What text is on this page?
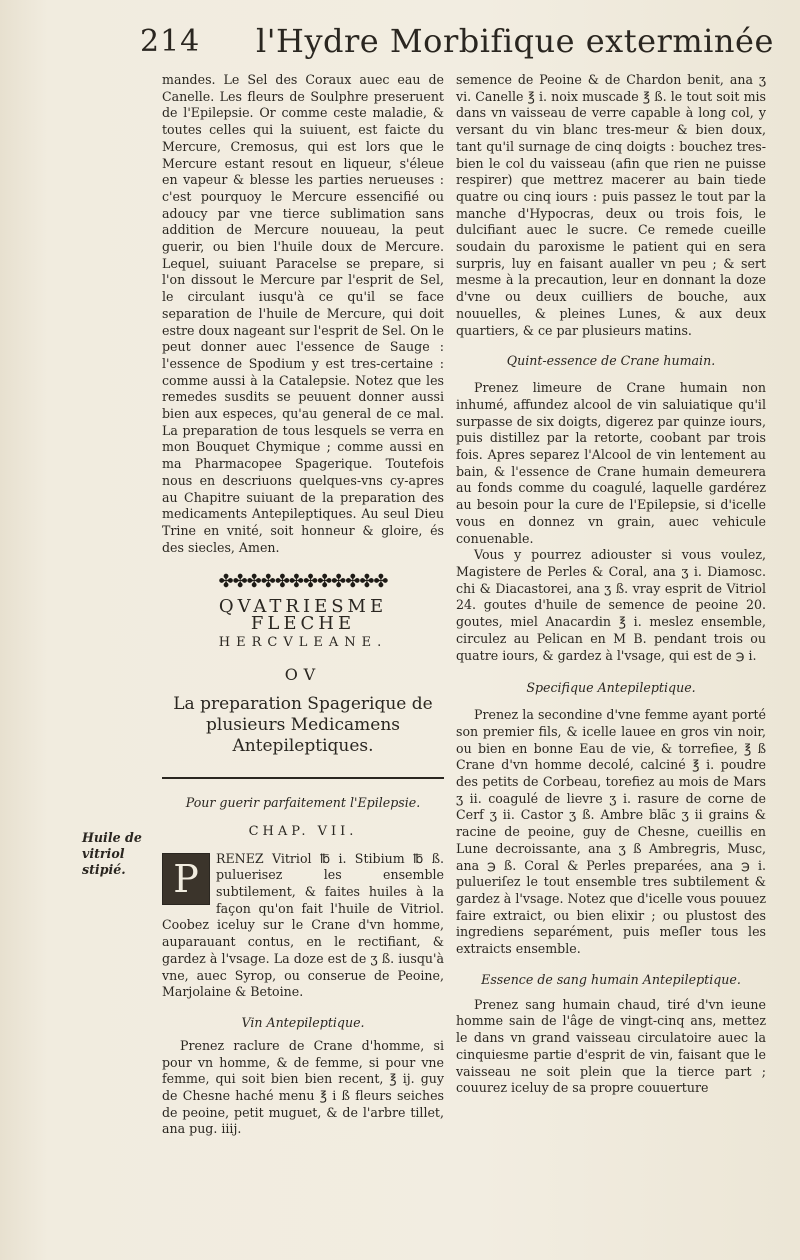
214 l'Hydre Morbifique exterminée
Huile de vitriol stipié.

mandes. Le Sel des Coraux auec eau de Canelle. Les fleurs de Soulphre preseruent de l'Epilepsie. Or comme ceste maladie, & toutes celles qui la suiuent, est faicte du Mercure, Cremosus, qui est lors que le Mercure estant resout en liqueur, s'éleue en vapeur & blesse les parties nerueuses : c'est pourquoy le Mercure essencifié ou adoucy par vne tierce sublimation sans addition de Mercure nouueau, la peut guerir, ou bien l'huile doux de Mercure. Lequel, suiuant Paracelse se prepare, si l'on dissout le Mercure par l'esprit de Sel, le circulant iusqu'à ce qu'il se face separation de l'huile de Mercure, qui doit estre doux nageant sur l'esprit de Sel. On le peut donner auec l'essence de Sauge : l'essence de Spodium y est tres-certaine : comme aussi à la Catalepsie. Notez que les remedes susdits se peuuent donner aussi bien aux especes, qu'au general de ce mal. La preparation de tous lesquels se verra en mon Bouquet Chymique ; comme aussi en ma Pharmacopee Spagerique. Toutefois nous en descriuons quelques-vns cy-apres au Chapitre suiuant de la preparation des medicaments Antepileptiques. Au seul Dieu Trine en vnité, soit honneur & gloire, és des siecles, Amen.

✤✤✤✤✤✤✤✤✤✤✤✤
QVATRIESME FLECHE
HERCVLEANE.
OV
La preparation Spagerique de plusieurs Medicamens Antepileptiques.
Pour guerir parfaitement l'Epilepsie.
CHAP. VII.

P	RENEZ Vitriol ℔ i. Stibium ℔ ß. puluerisez les ensemble subtilement, & faites huiles à la façon qu'on fait l'huile de Vitriol. Coobez iceluy sur le Crane d'vn homme, auparauant contus, en le rectifiant, & gardez à l'vsage. La doze est de ʒ ß. iusqu'à vne, auec Syrop, ou conserue de Peoine, Marjolaine & Betoine.

Vin Antepileptique.

Prenez raclure de Crane d'homme, si pour vn homme, & de femme, si pour vne femme, qui soit bien bien recent, ℥ ij. guy de Chesne haché menu ℥ i ß fleurs seiches de peoine, petit muguet, & de l'arbre tillet, ana pug. iiij.

semence de Peoine & de Chardon benit, ana ʒ vi. Canelle ℥ i. noix muscade ℥ ß. le tout soit mis dans vn vaisseau de verre capable à long col, y versant du vin blanc tres-meur & bien doux, tant qu'il surnage de cinq doigts : bouchez tres-bien le col du vaisseau (afin que rien ne puisse respirer) que mettrez macerer au bain tiede quatre ou cinq iours : puis passez le tout par la manche d'Hypocras, deux ou trois fois, le dulcifiant auec le sucre. Ce remede cueille soudain du paroxisme le patient qui en sera surpris, luy en faisant aualler vn peu ; & sert mesme à la precaution, leur en donnant la doze d'vne ou deux cuilliers de bouche, aux nouuelles, & pleines Lunes, & aux deux quartiers, & ce par plusieurs matins.

Quint-essence de Crane humain.

Prenez limeure de Crane humain non inhumé, affundez alcool de vin saluiatique qu'il surpasse de six doigts, digerez par quinze iours, puis distillez par la retorte, coobant par trois fois. Apres separez l'Alcool de vin lentement au bain, & l'essence de Crane humain demeurera au fonds comme du coagulé, laquelle gardérez au besoin pour la cure de l'Epilepsie, si d'icelle vous en donnez vn grain, auec vehicule conuenable.

Vous y pourrez adiouster si vous voulez, Magistere de Perles & Coral, ana ʒ i. Diamosc. chi & Diacastorei, ana ʒ ß. vray esprit de Vitriol 24. goutes d'huile de semence de peoine 20. goutes, miel Anacardin ℥ i. meslez ensemble, circulez au Pelican en M B. pendant trois ou quatre iours, & gardez à l'vsage, qui est de ℈ i.

Specifique Antepileptique.

Prenez la secondine d'vne femme ayant porté son premier fils, & icelle lauee en gros vin noir, ou bien en bonne Eau de vie, & torrefiee, ℥ ß Crane d'vn homme decolé, calciné ℥ i. poudre des petits de Corbeau, torefiez au mois de Mars ʒ ii. coagulé de lievre ʒ i. rasure de corne de Cerf ʒ ii. Castor ʒ ß. Ambre blãc ʒ ii grains & racine de peoine, guy de Chesne, cueillis en Lune decroissante, ana ʒ ß Ambregris, Musc, ana ℈ ß. Coral & Perles preparées, ana ℈ i. pulueriſez le tout ensemble tres subtilement & gardez à l'vsage. Notez que d'icelle vous pouuez faire extraict, ou bien elixir ; ou plustost des ingrediens separément, puis meſler tous les extraicts ensemble.

Essence de sang humain Antepileptique.

Prenez sang humain chaud, tiré d'vn ieune homme sain de l'âge de vingt-cinq ans, mettez le dans vn grand vaisseau circulatoire auec la cinquiesme partie d'esprit de vin, faisant que le vaisseau ne soit plein que la tierce part ; couurez iceluy de sa propre couuerture
